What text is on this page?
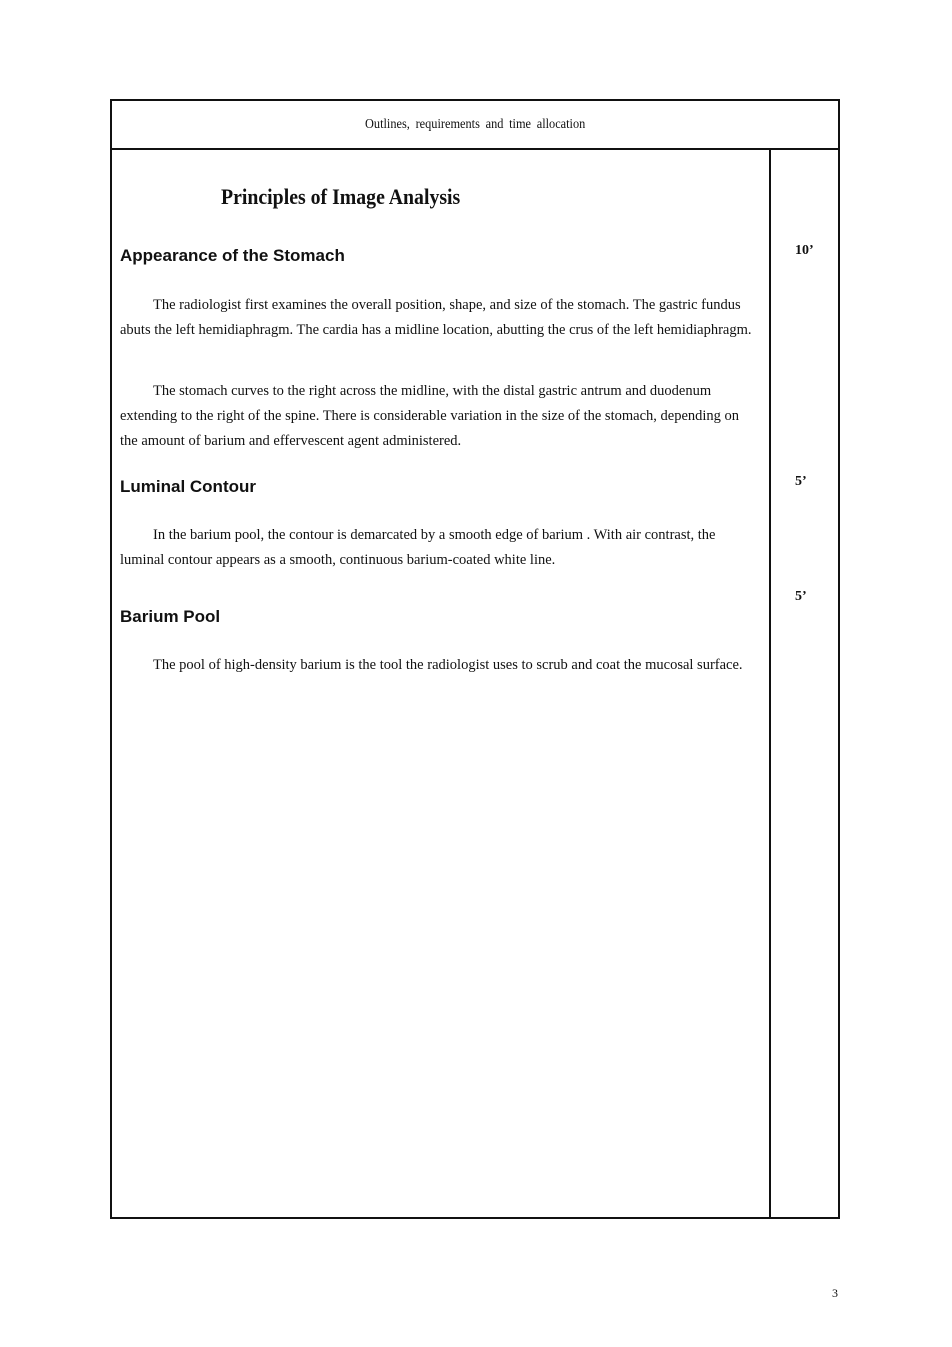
Outlines, requirements and time allocation
Principles of Image Analysis
Appearance of the Stomach

The radiologist first examines the overall position, shape, and size of the stomach. The gastric fundus abuts the left hemidiaphragm. The cardia has a midline location, abutting the crus of the left hemidiaphragm.

The stomach curves to the right across the midline, with the distal gastric antrum and duodenum extending to the right of the spine. There is considerable variation in the size of the stomach, depending on the amount of barium and effervescent agent administered.

Luminal Contour

In the barium pool, the contour is demarcated by a smooth edge of barium . With air contrast, the luminal contour appears as a smooth, continuous barium-coated white line.

Barium Pool

The pool of high-density barium is the tool the radiologist uses to scrub and coat the mucosal surface.

10’
5’
5’
3
